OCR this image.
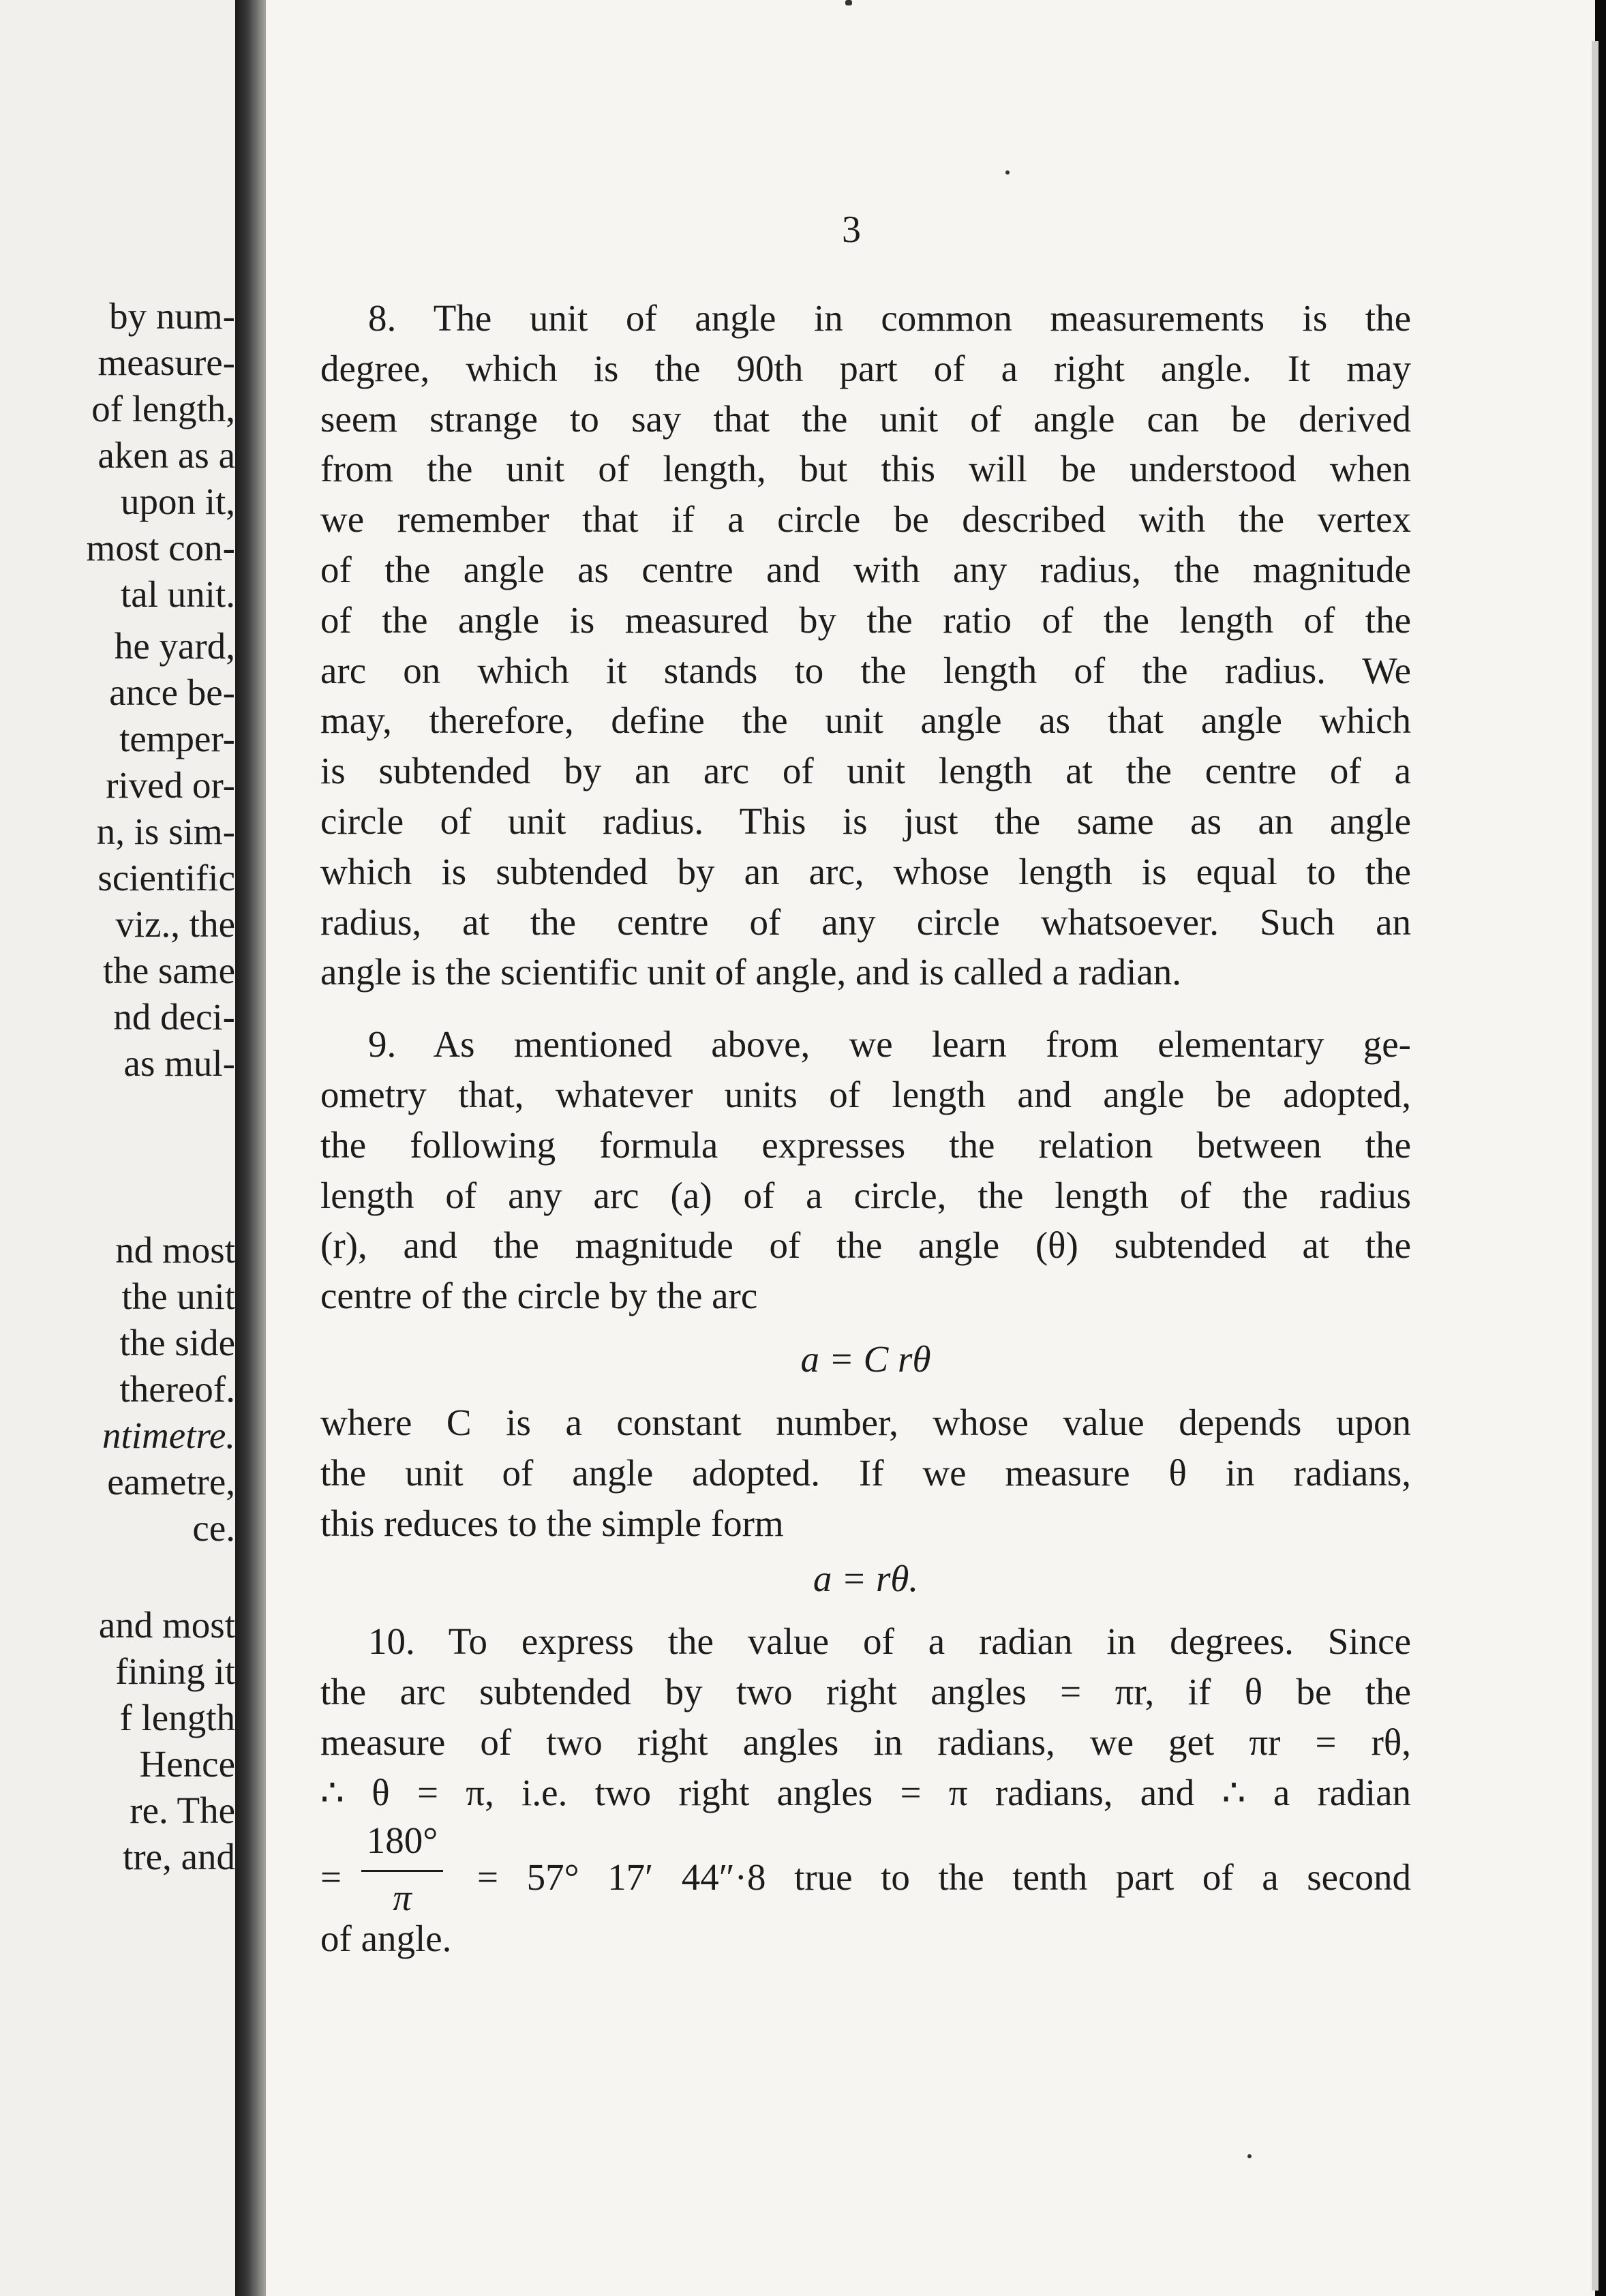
by num-
measure-
of length,
aken as a
upon it,
most con-
tal unit.
he yard,
ance be-
temper-
rived or-
n, is sim-
scientific
viz., the
the same
nd deci-
as mul-
nd most
the unit
the side
thereof.
ntimetre.
eametre,
ce.
and most
fining it
f length
Hence
re. The
tre, and
3
8. The unit of angle in common measurements is the
degree, which is the 90th part of a right angle. It may
seem strange to say that the unit of angle can be derived
from the unit of length, but this will be understood when
we remember that if a circle be described with the vertex
of the angle as centre and with any radius, the magnitude
of the angle is measured by the ratio of the length of the
arc on which it stands to the length of the radius. We
may, therefore, define the unit angle as that angle which
is subtended by an arc of unit length at the centre of a
circle of unit radius. This is just the same as an angle
which is subtended by an arc, whose length is equal to the
radius, at the centre of any circle whatsoever. Such an
angle is the scientific unit of angle, and is called a radian.
9. As mentioned above, we learn from elementary ge-
ometry that, whatever units of length and angle be adopted,
the following formula expresses the relation between the
length of any arc (a) of a circle, the length of the radius
(r), and the magnitude of the angle (θ) subtended at the
centre of the circle by the arc
a = C rθ
where C is a constant number, whose value depends upon
the unit of angle adopted. If we measure θ in radians,
this reduces to the simple form
a = rθ.
10. To express the value of a radian in degrees. Since
the arc subtended by two right angles = πr, if θ be the
measure of two right angles in radians, we get πr = rθ,
∴ θ = π, i.e. two right angles = π radians, and ∴ a radian
=
180°
π	= 57° 17′ 44″·8 true to the tenth part of a second
of angle.
